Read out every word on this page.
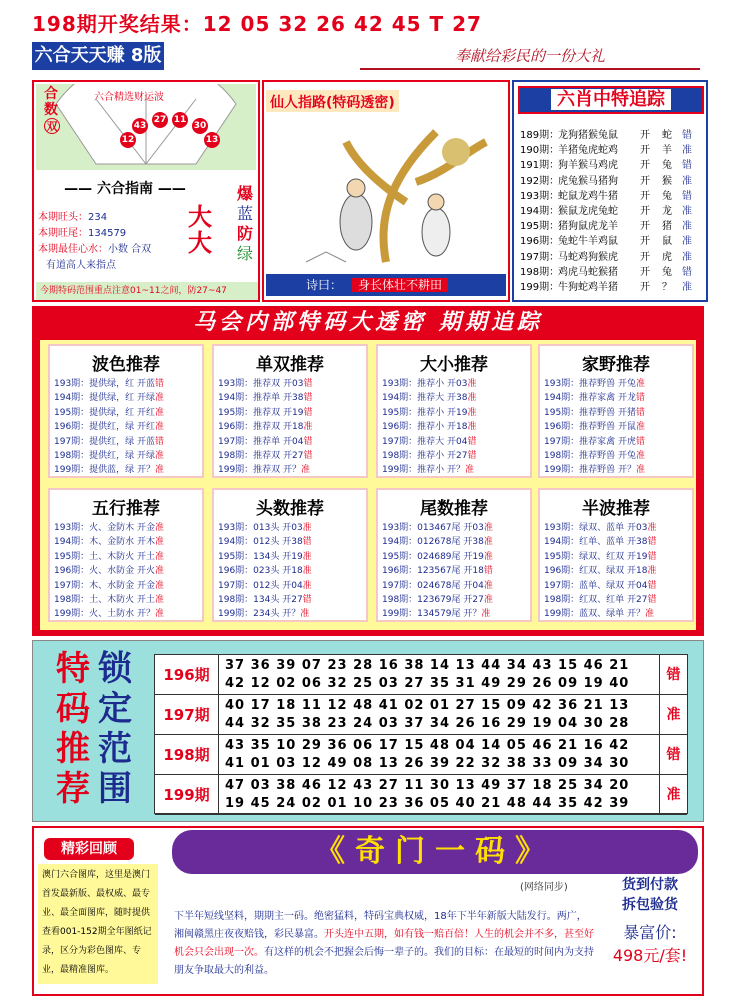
198期开奖结果：12 05 32 26 42 45 T 27
六合天天赚 8版	奉献给彩民的一份大礼
六合精选财运波
43
27 11
30
12	13
合
数
双
—— 六合指南 ——
本期旺头：234
本期旺尾：134579
本期最佳心水：小数 合双
有道高人来指点
大
大
爆
蓝
防
绿
今期特码范围重点注意01~11之间，防27~47
仙人指路(特码透密)
诗曰： 身长体壮不耕田
六肖中特追踪
189期：
龙狗猪猴兔鼠 开 蛇 错
190期：
羊猪兔虎蛇鸡 开 羊 准
191期：
狗羊猴马鸡虎 开 兔 错
192期：
虎兔猴马猪狗 开 猴 准
193期：
蛇鼠龙鸡牛猪 开 兔 错
194期：
猴鼠龙虎兔蛇 开 龙 准
195期：
猪狗鼠虎龙羊 开 猪 准
196期：
兔蛇牛羊鸡鼠 开 鼠 准
197期：
马蛇鸡狗猴虎 开 虎 准
198期：
鸡虎马蛇猴猪 开 兔 错
199期：
牛狗蛇鸡羊猪 开 ？ 准
马会内部特码大透密 期期追踪
波色推荐
193期：提供绿，红 开蓝错
194期：提供绿，红 开绿准
195期：提供绿，红 开红准
196期：提供红，绿 开红准
197期：提供红，绿 开蓝错
198期：提供红，绿 开绿准
199期：提供蓝，绿 开？准
单双推荐
193期：推荐双 开03错
194期：推荐单 开38错
195期：推荐双 开19错
196期：推荐双 开18准
197期：推荐单 开04错
198期：推荐双 开27错
199期：推荐双 开？准
大小推荐
193期：推荐小 开03准
194期：推荐大 开38准
195期：推荐小 开19准
196期：推荐小 开18准
197期：推荐大 开04错
198期：推荐小 开27错
199期：推荐小 开？准
家野推荐
193期：推荐野兽 开兔准
194期：推荐家禽 开龙错
195期：推荐野兽 开猪错
196期：推荐野兽 开鼠准
197期：推荐家禽 开虎错
198期：推荐野兽 开兔准
199期：推荐野兽 开？准
五行推荐
193期：火、金防木 开金准
194期：木、金防水 开木准
195期：土、木防火 开土准
196期：火、水防金 开火准
197期：木、水防金 开金准
198期：土、木防火 开土准
199期：火、土防水 开？准
头数推荐
193期：013头 开03准
194期：012头 开38错
195期：134头 开19准
196期：023头 开18准
197期：012头 开04准
198期：134头 开27错
199期：234头 开？准
尾数推荐
193期：013467尾 开03准
194期：012678尾 开38准
195期：024689尾 开19准
196期：123567尾 开18错
197期：024678尾 开04准
198期：123679尾 开27准
199期：134579尾 开？准
半波推荐
193期：绿双、蓝单 开03准
194期：红单、蓝单 开38错
195期：绿双、红双 开19错
196期：红双、绿双 开18准
197期：蓝单、绿双 开04错
198期：红双、红单 开27错
199期：蓝双、绿单 开？准
特
码
推
荐
锁
定
范
围
196期
37 36 39 07 23 28 16 38 14 13 44 34 43 15 46 21
42 12 02 06 32 25 03 27 35 31 49 29 26 09 19 40
错
197期
40 17 18 11 12 48 41 02 01 27 15 09 42 36 21 13
44 32 35 38 23 24 03 37 34 26 16 29 19 04 30 28
准
198期
43 35 10 29 36 06 17 15 48 04 14 05 46 21 16 42
41 01 03 12 49 08 13 26 39 22 32 38 33 09 34 30
错
199期
47 03 38 46 12 43 27 11 30 13 49 37 18 25 34 20
19 45 24 02 01 10 23 36 05 40 21 48 44 35 42 39
准
精彩回顾
澳门六合图库，这里是澳门首发最新版、最权威、最专业、最全面图库，随时提供查看001-152期全年图纸记录，区分为彩色图库、专业，最精准图库。
《奇门一码》
(网络同步)
下半年短线坚料，期期主一码。绝密猛料，特码宝典权威，18年下半年新版大陆发行。两广，湘闽赣黑庄夜夜赔钱，彩民暴富。开头连中五期，如有钱一赔百倍！人生的机会并不多，甚至好机会只会出现一次。有这样的机会不把握会后悔一辈子的。我们的目标：在最短的时间内为支持朋友争取最大的利益。
货到付款
拆包验货
暴富价:
498元/套!
